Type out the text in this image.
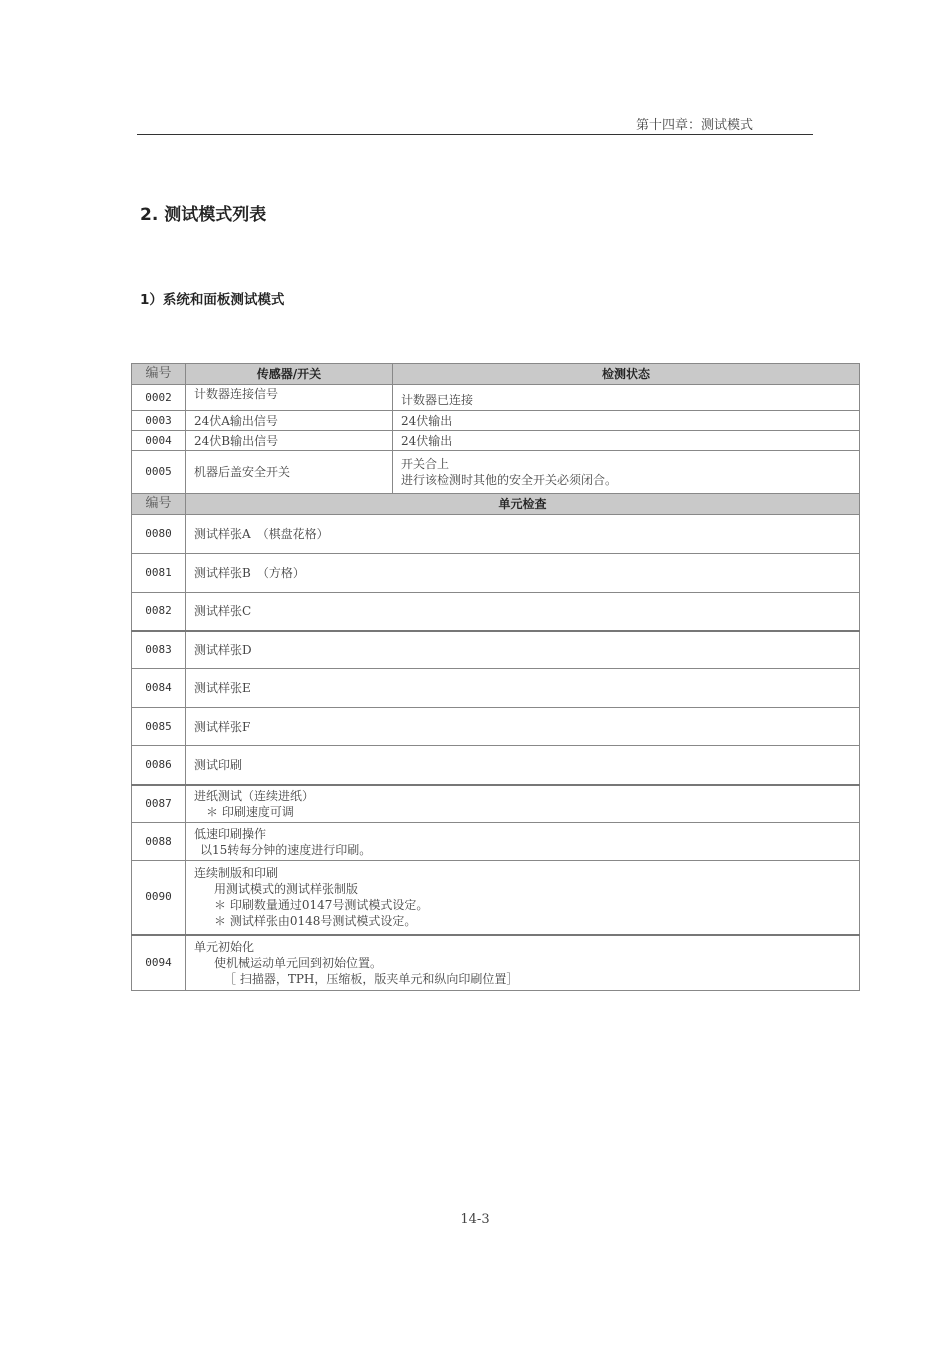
第十四章：测试模式
2. 测试模式列表
1）系统和面板测试模式
编号	传感器/开关	检测状态
0002	计数器连接信号	计数器已连接
0003	24伏A输出信号	24伏输出
0004	24伏B输出信号	24伏输出
0005	机器后盖安全开关	开关合上
进行该检测时其他的安全开关必须闭合。

编号	单元检查	
0080	测试样张A　（棋盘花格）	
0081	测试样张B　（方格）	
0082	测试样张C	
0083	测试样张D	
0084	测试样张E	
0085	测试样张F	
0086	测试印刷	
0087	进纸测试（连续进纸）
＊ 印刷速度可调	

0088	低速印刷操作
以15转每分钟的速度进行印刷。	

0090	连续制版和印刷
用测试模式的测试样张制版
＊ 印刷数量通过0147号测试模式设定。
＊ 测试样张由0148号测试模式设定。	

0094	单元初始化
使机械运动单元回到初始位置。
［ 扫描器，TPH，压缩板，版夹单元和纵向印刷位置］	
14-3
